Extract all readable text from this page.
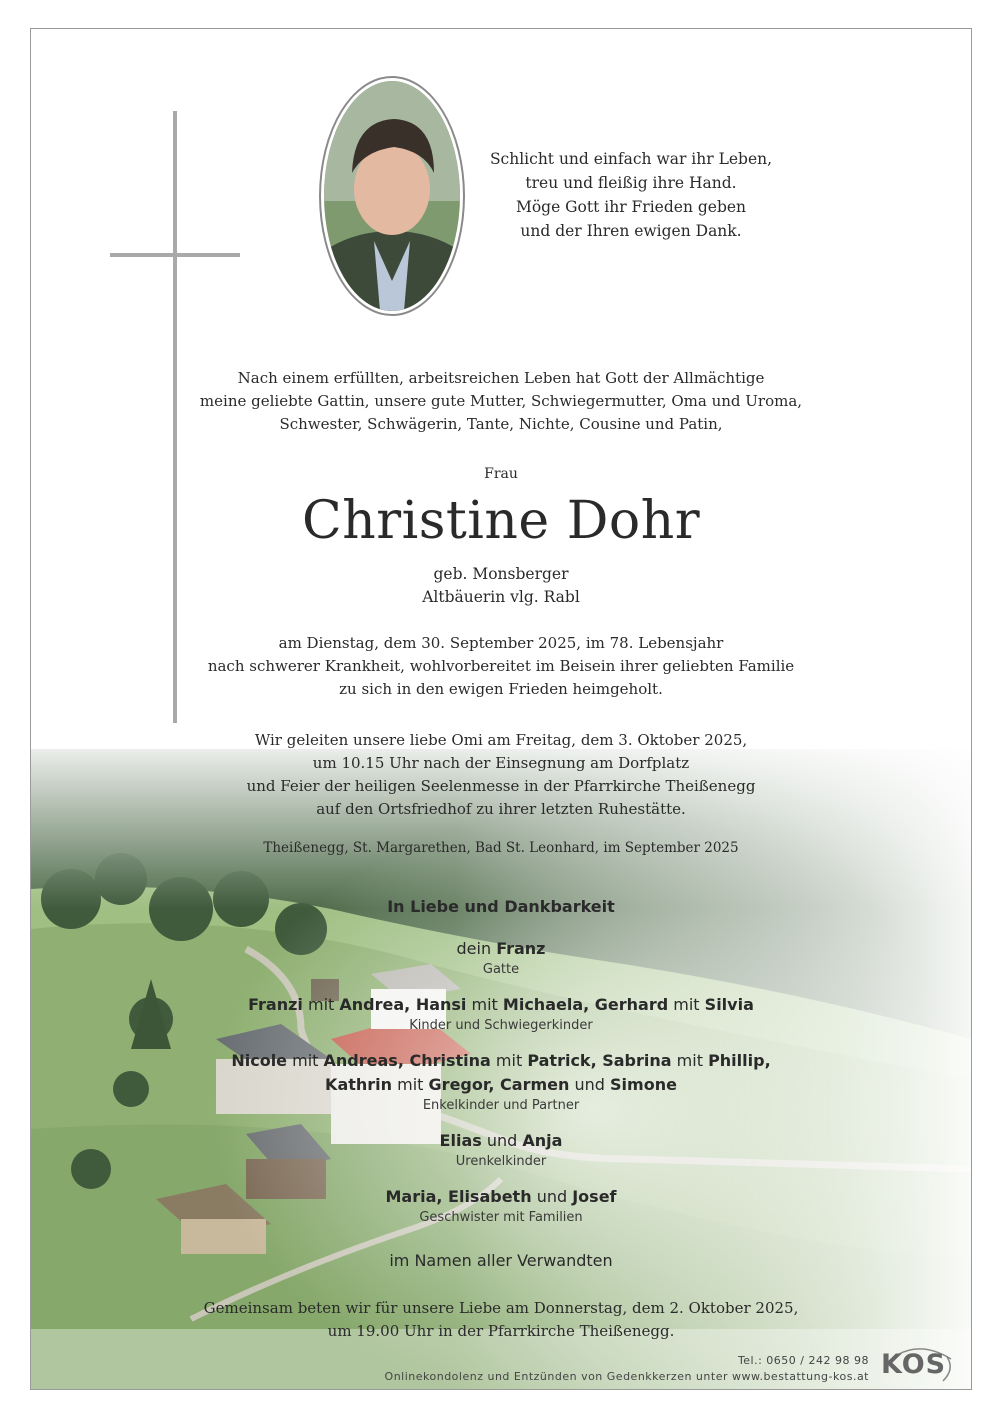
Schlicht und einfach war ihr Leben,
treu und fleißig ihre Hand.
Möge Gott ihr Frieden geben
und der Ihren ewigen Dank.
Nach einem erfüllten, arbeitsreichen Leben hat Gott der Allmächtige
meine geliebte Gattin, unsere gute Mutter, Schwiegermutter, Oma und Uroma,
Schwester, Schwägerin, Tante, Nichte, Cousine und Patin,
Frau
Christine Dohr
geb. Monsberger
Altbäuerin vlg. Rabl
am Dienstag, dem 30. September 2025, im 78. Lebensjahr
nach schwerer Krankheit, wohlvorbereitet im Beisein ihrer geliebten Familie
zu sich in den ewigen Frieden heimgeholt.
Wir geleiten unsere liebe Omi am Freitag, dem 3. Oktober 2025,
um 10.15 Uhr nach der Einsegnung am Dorfplatz
und Feier der heiligen Seelenmesse in der Pfarrkirche Theißenegg
auf den Ortsfriedhof zu ihrer letzten Ruhestätte.
Theißenegg, St. Margarethen, Bad St. Leonhard, im September 2025
In Liebe und Dankbarkeit
dein Franz
Gatte
Franzi mit Andrea, Hansi mit Michaela, Gerhard mit Silvia
Kinder und Schwiegerkinder
Nicole mit Andreas, Christina mit Patrick, Sabrina mit Phillip,
Kathrin mit Gregor, Carmen und Simone
Enkelkinder und Partner
Elias und Anja
Urenkelkinder
Maria, Elisabeth und Josef
Geschwister mit Familien
im Namen aller Verwandten
Gemeinsam beten wir für unsere Liebe am Donnerstag, dem 2. Oktober 2025,
um 19.00 Uhr in der Pfarrkirche Theißenegg.
Tel.: 0650 / 242 98 98
Onlinekondolenz und Entzünden von Gedenkkerzen unter www.bestattung-kos.at KOS
